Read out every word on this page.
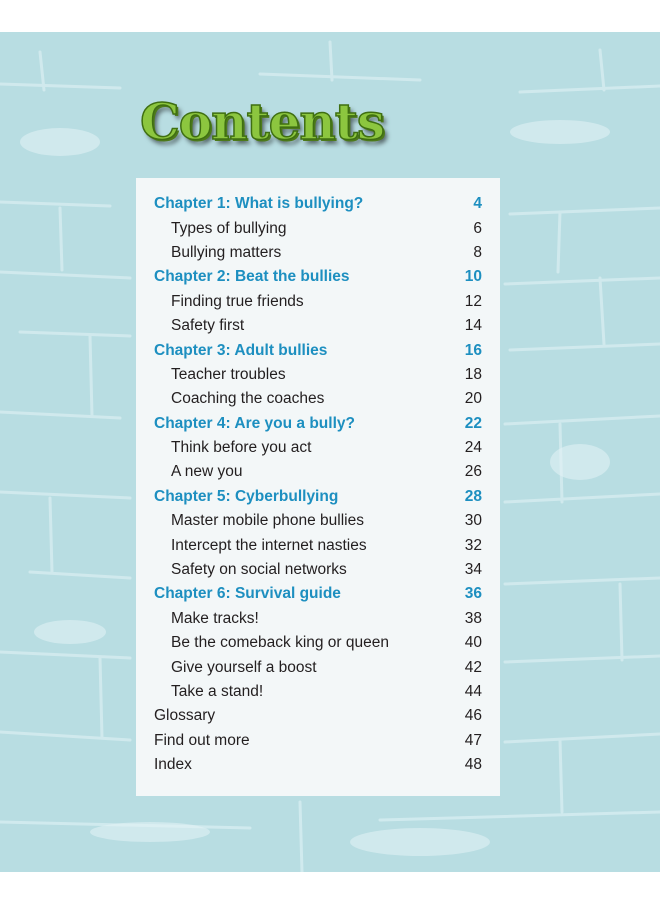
Contents
Chapter 1: What is bullying?	4
Types of bullying	6
Bullying matters	8
Chapter 2: Beat the bullies	10
Finding true friends	12
Safety first	14
Chapter 3: Adult bullies	16
Teacher troubles	18
Coaching the coaches	20
Chapter 4: Are you a bully?	22
Think before you act	24
A new you	26
Chapter 5: Cyberbullying	28
Master mobile phone bullies	30
Intercept the internet nasties	32
Safety on social networks	34
Chapter 6: Survival guide	36
Make tracks!	38
Be the comeback king or queen	40
Give yourself a boost	42
Take a stand!	44
Glossary	46
Find out more	47
Index	48
